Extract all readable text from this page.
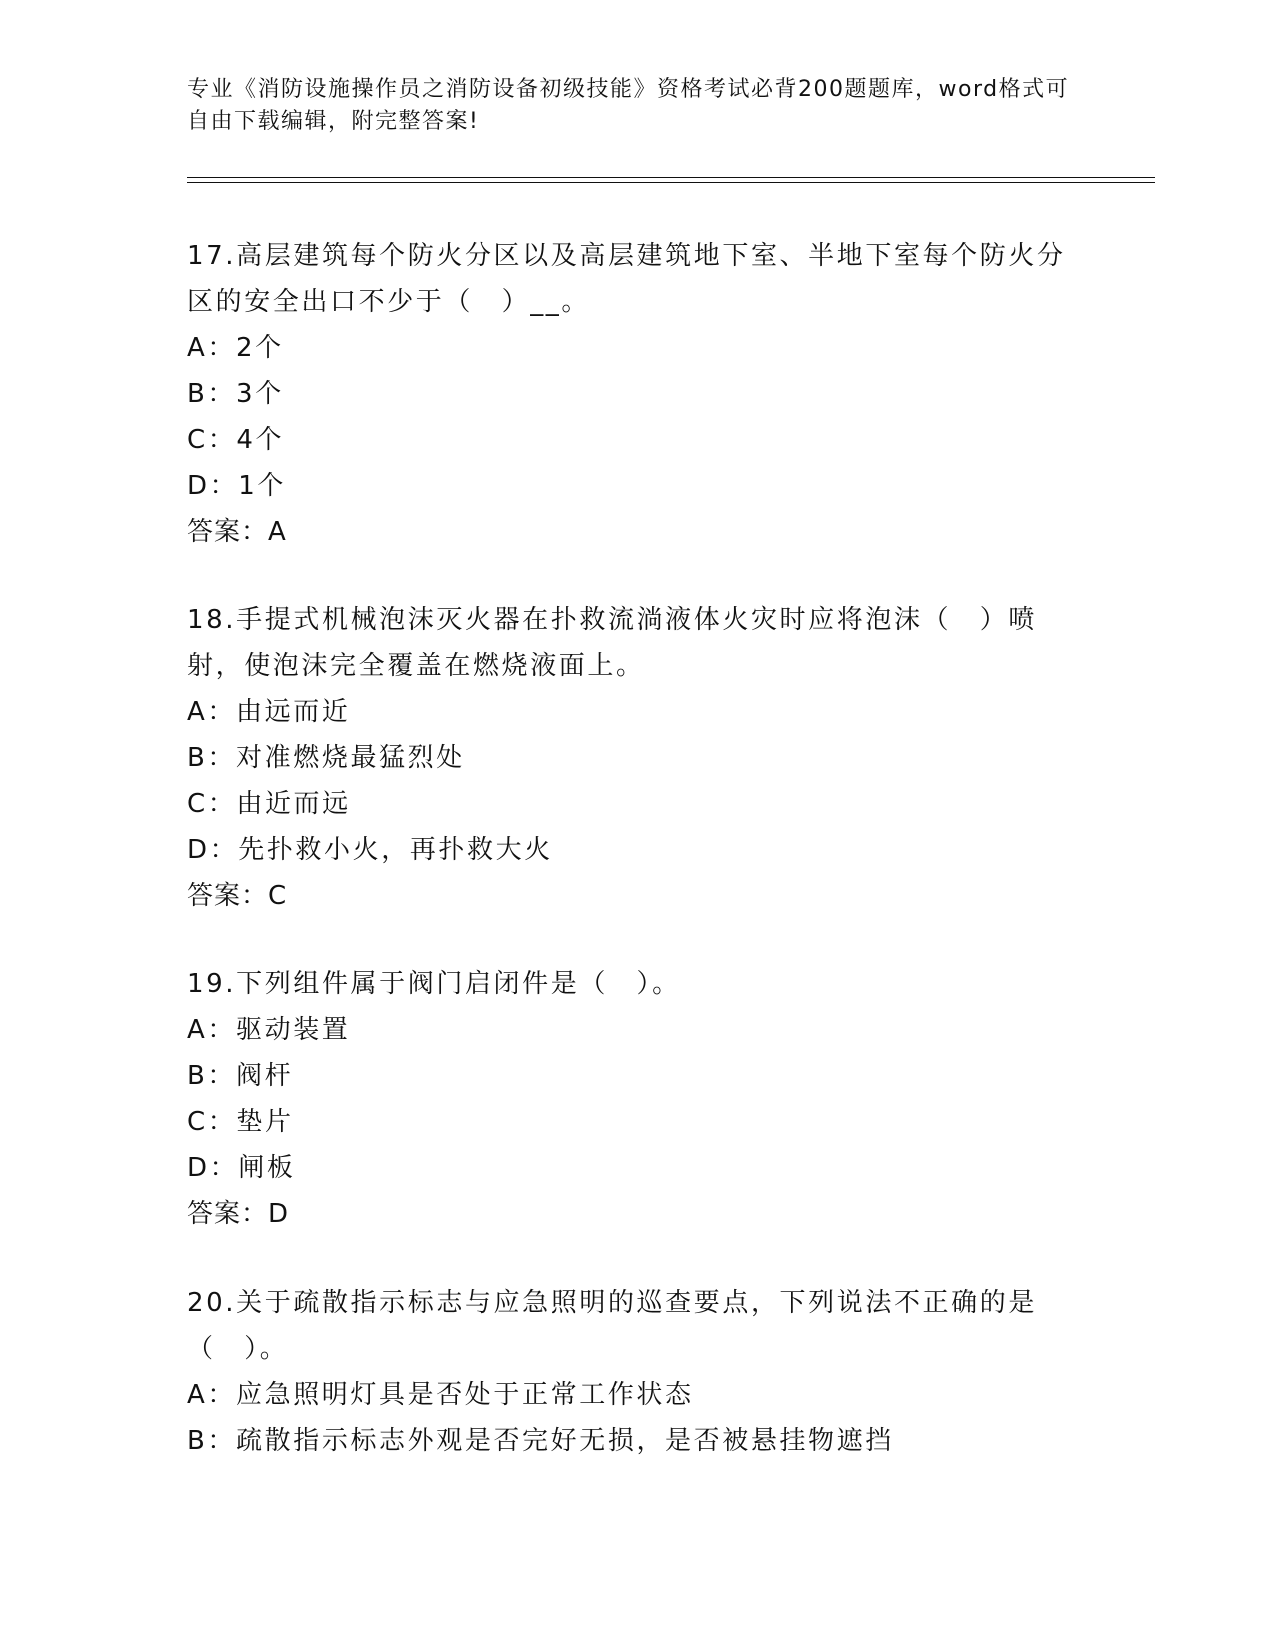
专业《消防设施操作员之消防设备初级技能》资格考试必背200题题库，word格式可自由下载编辑，附完整答案!

17.高层建筑每个防火分区以及高层建筑地下室、半地下室每个防火分区的安全出口不少于（　）__。

A：2个

B：3个

C：4个

D：1个

答案：A

18.手提式机械泡沫灭火器在扑救流淌液体火灾时应将泡沫（　）喷射，使泡沫完全覆盖在燃烧液面上。

A：由远而近

B：对准燃烧最猛烈处

C：由近而远

D：先扑救小火，再扑救大火

答案：C

19.下列组件属于阀门启闭件是（　）。

A：驱动装置

B：阀杆

C：垫片

D：闸板

答案：D

20.关于疏散指示标志与应急照明的巡查要点，下列说法不正确的是（　）。

A：应急照明灯具是否处于正常工作状态

B：疏散指示标志外观是否完好无损，是否被悬挂物遮挡
